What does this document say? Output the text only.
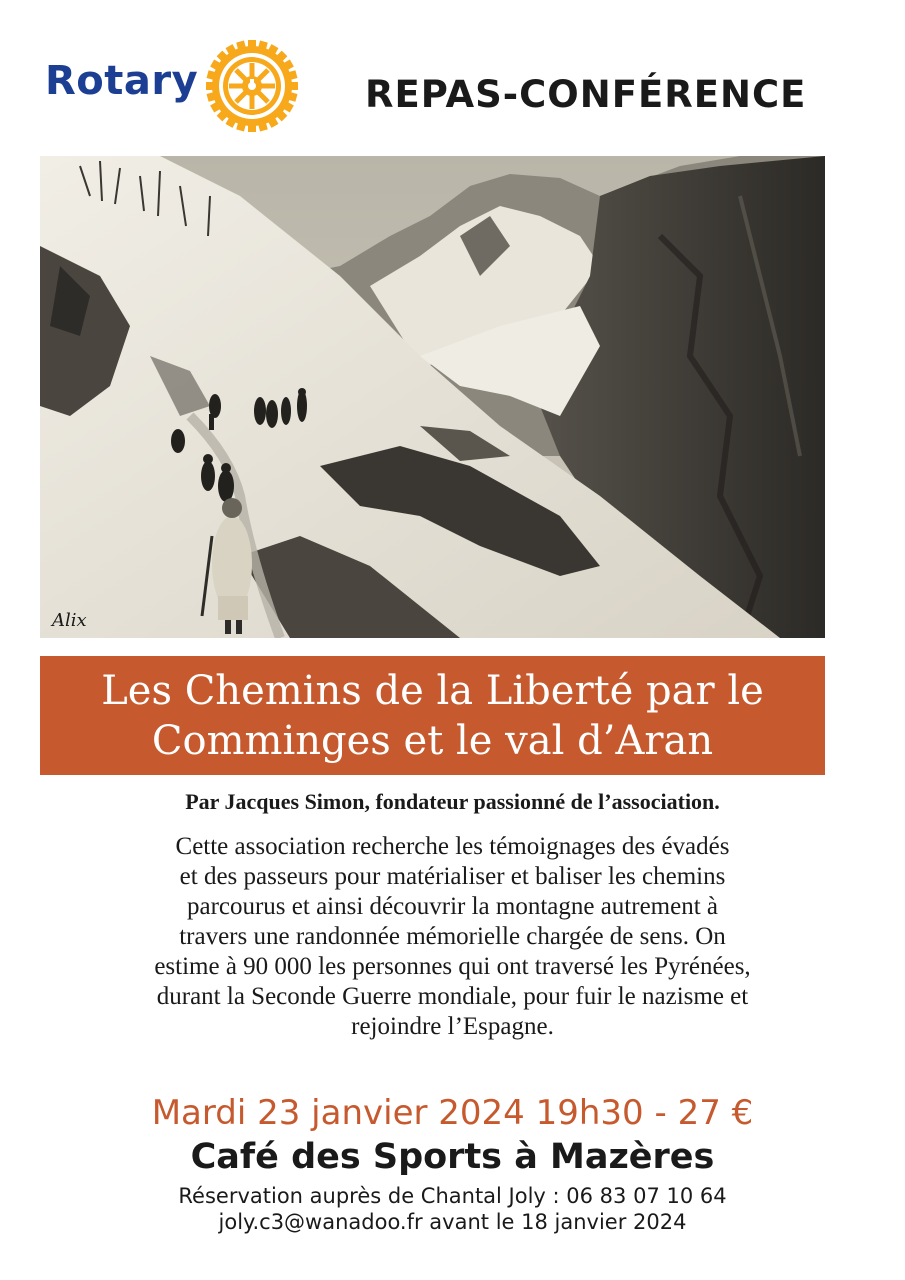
Rotary	REPAS-CONFÉRENCE
Alix
Les Chemins de la Liberté par le
Comminges et le val d’Aran
Par Jacques Simon, fondateur passionné de l’association.
Cette association recherche les témoignages des évadés
et des passeurs pour matérialiser et baliser les chemins
parcourus et ainsi découvrir la montagne autrement à
travers une randonnée mémorielle chargée de sens. On
estime à 90 000 les personnes qui ont traversé les Pyrénées,
durant la Seconde Guerre mondiale, pour fuir le nazisme et
rejoindre l’Espagne.
Mardi 23 janvier 2024 19h30 - 27 €
Café des Sports à Mazères
Réservation auprès de Chantal Joly : 06 83 07 10 64
joly.c3@wanadoo.fr avant le 18 janvier 2024
